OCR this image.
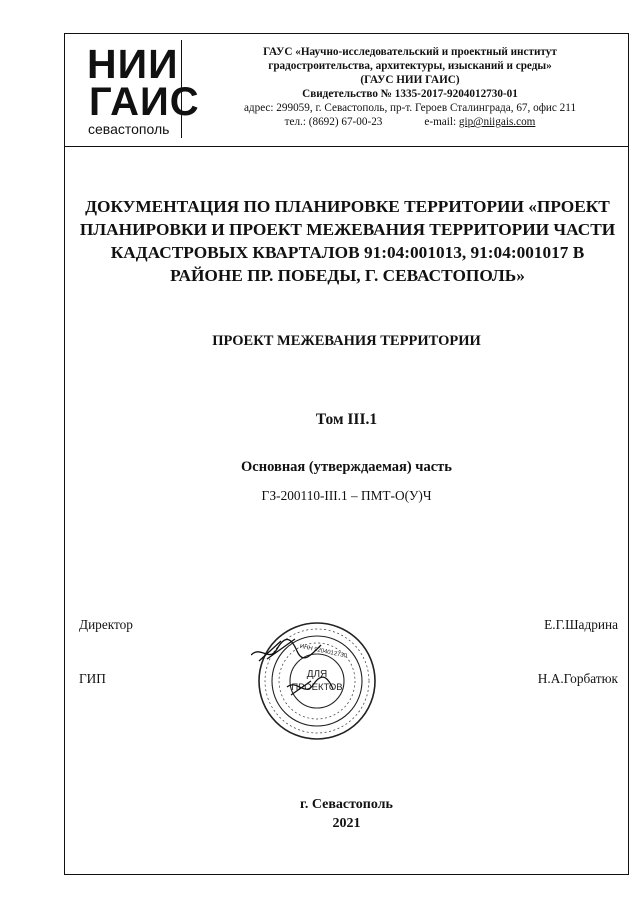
НИИ
ГАИС
севастополь
ГАУС «Научно-исследовательский и проектный институт
градостроительства, архитектуры, изысканий и среды»
(ГАУС НИИ ГАИС)
Свидетельство № 1335-2017-9204012730-01
адрес: 299059, г. Севастополь, пр-т. Героев Сталинграда, 67, офис 211
тел.: (8692) 67-00-23	e-mail: gip@niigais.com
ДОКУМЕНТАЦИЯ ПО ПЛАНИРОВКЕ ТЕРРИТОРИИ «ПРОЕКТ ПЛАНИРОВКИ И ПРОЕКТ МЕЖЕВАНИЯ ТЕРРИТОРИИ ЧАСТИ КАДАСТРОВЫХ КВАРТАЛОВ 91:04:001013, 91:04:001017 В РАЙОНЕ ПР. ПОБЕДЫ, Г. СЕВАСТОПОЛЬ»
ПРОЕКТ МЕЖЕВАНИЯ ТЕРРИТОРИИ
Том III.1
Основная (утверждаемая) часть
ГЗ-200110-III.1 – ПМТ-О(У)Ч
Директор	Е.Г.Шадрина
ГИП	Н.А.Горбатюк
ДЛЯ
ПРОЕКТОВ
ИНН 9204012730
г. Севастополь
2021
